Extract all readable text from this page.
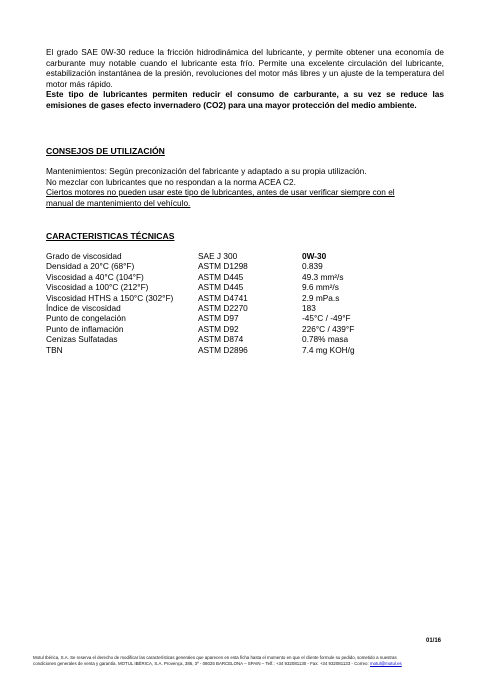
El grado SAE 0W-30 reduce la fricción hidrodinámica del lubricante, y permite obtener una economía de carburante muy notable cuando el lubricante esta frío. Permite una excelente circulación del lubricante, estabilización instantánea de la presión, revoluciones del motor más libres y un ajuste de la temperatura del motor más rápido.
Este tipo de lubricantes permiten reducir el consumo de carburante, a su vez se reduce las emisiones de gases efecto invernadero (CO2) para una mayor protección del medio ambiente.

CONSEJOS DE UTILIZACIÓN
Mantenimientos: Según preconización del fabricante y adaptado a su propia utilización.
No mezclar con lubricantes que no respondan a la norma ACEA C2.
Ciertos motores no pueden usar este tipo de lubricantes, antes de usar verificar siempre con el
manual de mantenimiento del vehículo.
CARACTERISTICAS TÉCNICAS
Grado de viscosidad	SAE J 300	0W-30
Densidad a 20°C (68°F)	ASTM D1298	0.839
Viscosidad a 40°C (104°F)	ASTM D445	49.3 mm²/s
Viscosidad a 100°C (212°F)	ASTM D445	9.6 mm²/s
Viscosidad HTHS a 150°C (302°F)	ASTM D4741	2.9 mPa.s
Índice de viscosidad	ASTM D2270	183
Punto de congelación	ASTM D97	-45°C / -49°F
Punto de inflamación	ASTM D92	226°C / 439°F
Cenizas Sulfatadas	ASTM D874	0.78% masa
TBN	ASTM D2896	7.4 mg KOH/g
01/16
Motul Ibérica, S.A. Se reserva el derecho de modificar las características generales que aparecen en esta ficha hasta el momento en que el cliente formule su pedido, sometido a nuestras
condiciones generales de venta y garantía. MOTUL IBÉRICA, S.A. Provença, 386, 3º - 08025 BARCELONA – SPAIN – Telf.: +34 932081130 - Fax: +34 932081133 - Correo: motul@motul.es
